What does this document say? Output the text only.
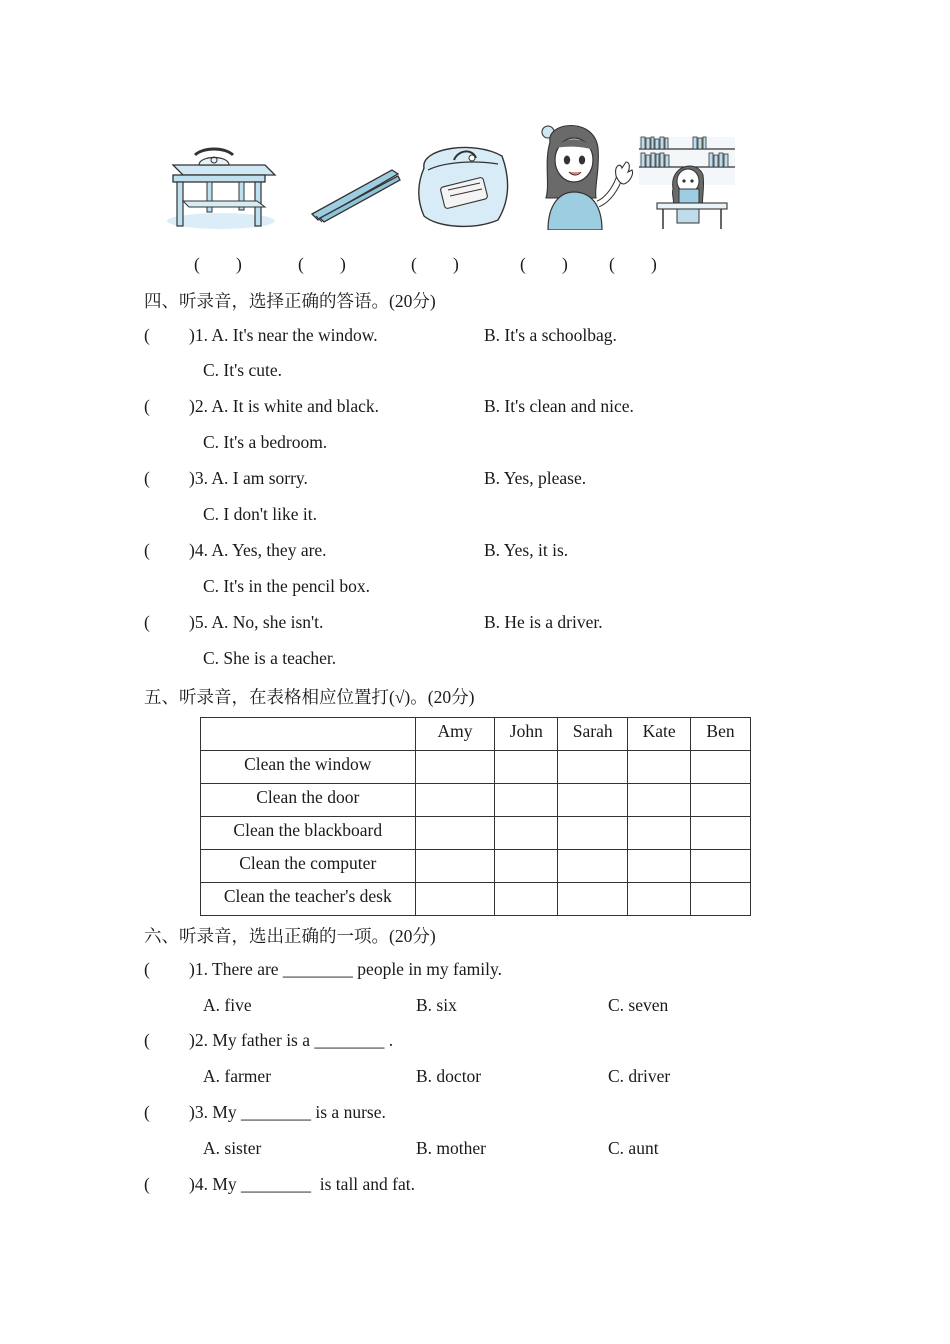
( )	( )	( )	( ) ( )
四、听录音，选择正确的答语。(20分)
( )1. A. It's near the window.	B. It's a schoolbag.
C. It's cute.
( )2. A. It is white and black.	B. It's clean and nice.
C. It's a bedroom.
( )3. A. I am sorry.	B. Yes, please.
C. I don't like it.
( )4. A. Yes, they are.	B. Yes, it is.
C. It's in the pencil box.
( )5. A. No, she isn't.	B. He is a driver.
C. She is a teacher.
五、听录音，在表格相应位置打(√)。(20分)
	Amy	John	Sarah	Kate	Ben
Clean the window					
Clean the door					
Clean the blackboard					
Clean the computer					
Clean the teacher's desk					
六、听录音，选出正确的一项。(20分)
( )1. There are ________ people in my family.
A. five	B. six	C. seven
( )2. My father is a ________ .
A. farmer	B. doctor	C. driver
( )3. My ________ is a nurse.
A. sister	B. mother	C. aunt
( )4. My ________  is tall and fat.
